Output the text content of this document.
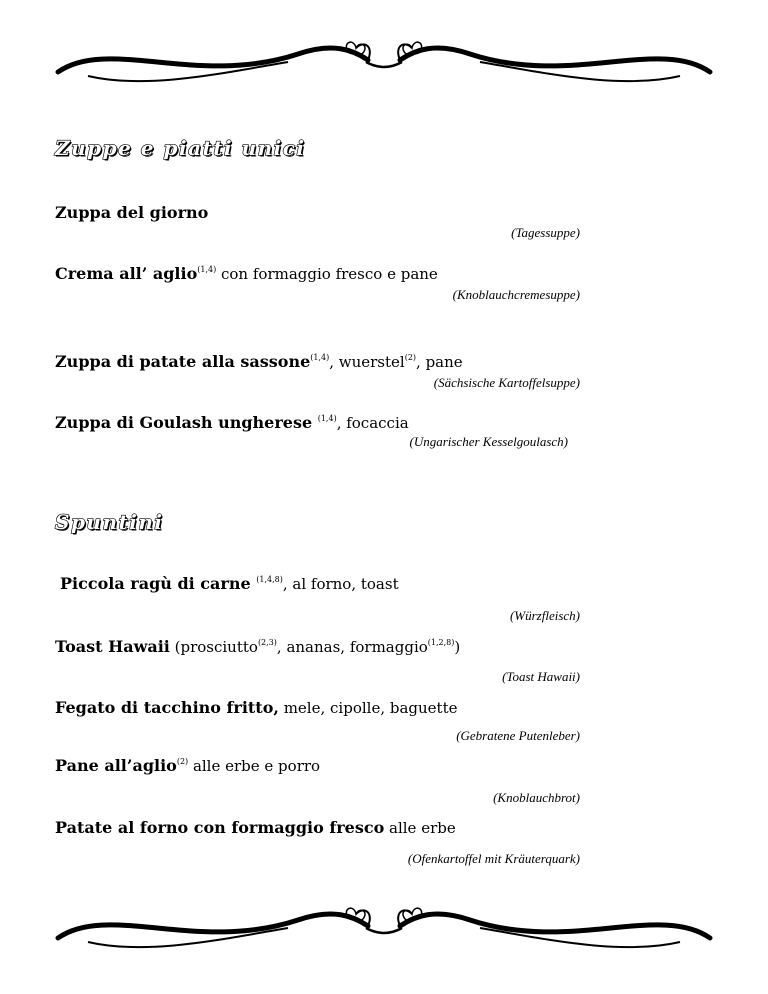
Zuppe e piatti unici
Zuppa del giorno
(Tagessuppe)
Crema all’ aglio$^{(1,4)}$ con formaggio fresco e pane
(Knoblauchcremesuppe)
Zuppa di patate alla sassone$^{(1,4)}$, wuerstel$^{(2)}$, pane
(Sächsische Kartoffelsuppe)
Zuppa di Goulash ungherese $^{(1,4)}$, focaccia
(Ungarischer Kesselgoulasch)
Spuntini
Piccola ragù di carne $^{(1,4,8)}$, al forno, toast
(Würzfleisch)
Toast Hawaii (prosciutto$^{(2,3)}$, ananas, formaggio$^{(1,2,8)}$)
(Toast Hawaii)
Fegato di tacchino fritto, mele, cipolle, baguette
(Gebratene Putenleber)
Pane all’aglio$^{(2)}$ alle erbe e porro
(Knoblauchbrot)
Patate al forno con formaggio fresco alle erbe
(Ofenkartoffel mit Kräuterquark)
